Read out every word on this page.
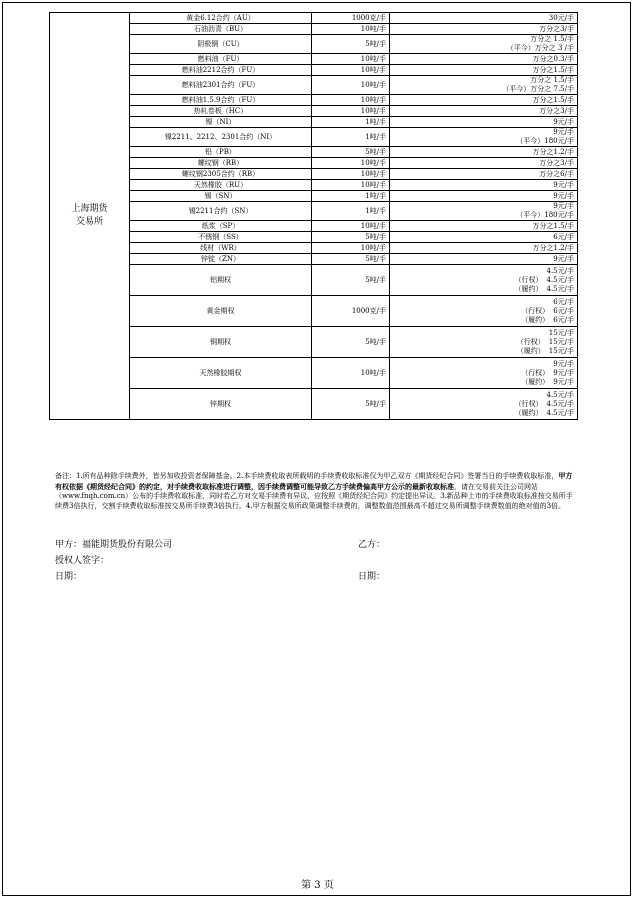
上海期货
交易所	黄金6.12合约（AU）	1000克/手	30元/手

	石油沥青（BU）	10吨/手	万分之3/手

	阴极铜（CU）	5吨/手	万分之 1.5/手
（平今）万分之 3 /手

	燃料油（FU）	10吨/手	万分之0.3/手

	燃料油2212合约（FU）	10吨/手	万分之1.5/手

	燃料油2301合约（FU）	10吨/手	万分之 1.5/手
（平今）万分之 7.5/手

	燃料油1.5.9合约（FU）	10吨/手	万分之1.5/手

	热轧卷板（HC）	10吨/手	万分之3/手

	镍（NI）	1吨/手	9元/手

	镍2211、2212、2301合约（NI）	1吨/手	9元/手
（平今）180元/手

	铅（PB）	5吨/手	万分之1.2/手

	螺纹钢（RB）	10吨/手	万分之3/手

	螺纹钢2305合约（RB）	10吨/手	万分之6/手

	天然橡胶（RU）	10吨/手	9元/手

	锡（SN）	1吨/手	9元/手

	锡2211合约（SN）	1吨/手	9元/手
（平今）180元/手

	纸浆（SP）	10吨/手	万分之1.5/手

	不锈钢（SS）	5吨/手	6元/手

	线材（WR）	10吨/手	万分之1.2/手

	锌锭（ZN）	5吨/手	9元/手

	铝期权	5吨/手	4.5元/手
（行权） 4.5元/手
（履约） 4.5元/手

	黄金期权	1000克/手	6元/手
（行权） 6元/手
（履约） 6元/手

	铜期权	5吨/手	15元/手
（行权） 15元/手
（履约） 15元/手

	天然橡胶期权	10吨/手	9元/手
（行权） 9元/手
（履约） 9元/手

	锌期权	5吨/手	4.5元/手
（行权） 4.5元/手
（履约） 4.5元/手
备注：1.所有品种除手续费外，皆另加收投资者保障基金。2.本手续费收取表所载明的手续费收取标准仅为甲乙双方《期货经纪合同》签署当日的手续费收取标准，甲方有权依据《期货经纪合同》的约定，对手续费收取标准进行调整，因手续费调整可能导致乙方手续费偏高甲方公示的最新收取标准，请在交易前关注公司网站（www.fnqh.com.cn）公布的手续费收取标准，同时若乙方对交易手续费有异议，应按照《期货经纪合同》约定提出异议。3.新品种上市的手续费收取标准按交易所手续费3倍执行，交割手续费收取标准按交易所手续费3倍执行。4.甲方根据交易所政策调整手续费的，调整数值范围最高不超过交易所调整手续费数值的绝对值的3倍。
甲方：福能期货股份有限公司	乙方：
授权人签字：
日期：	日期：
第 3 页
